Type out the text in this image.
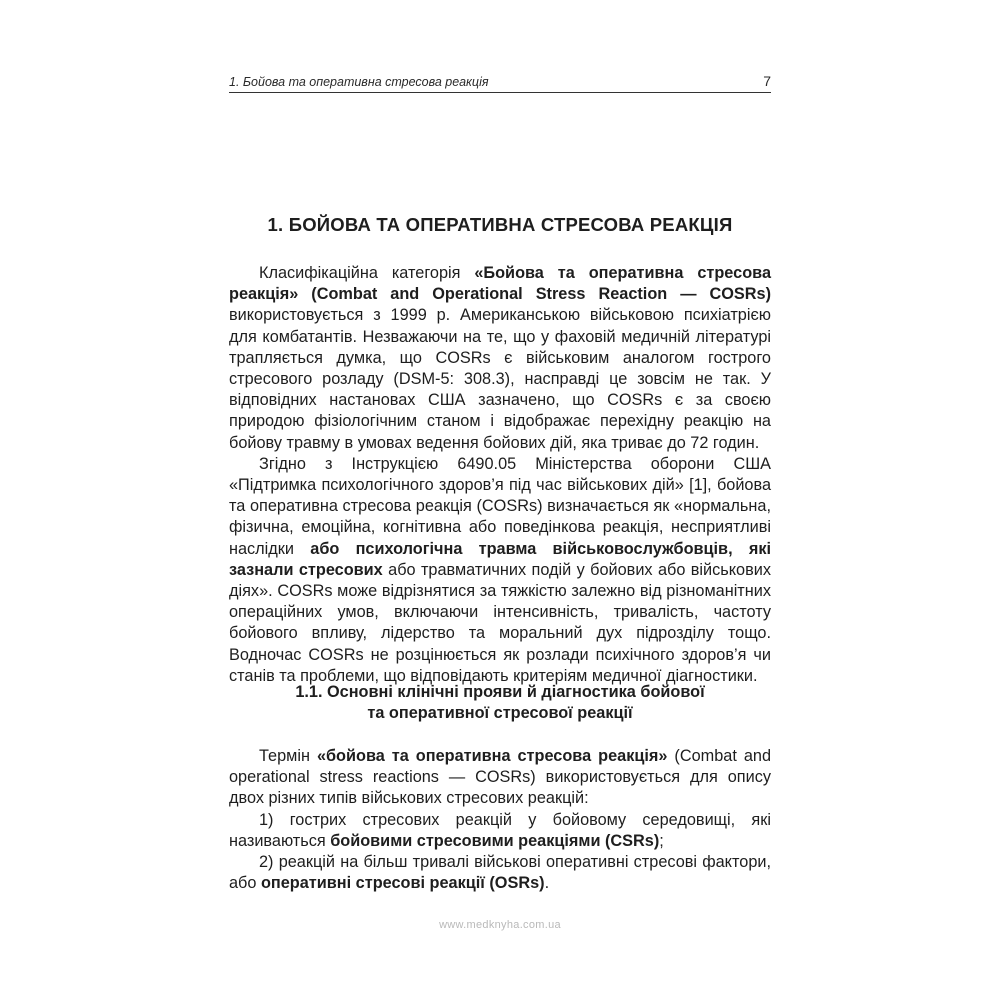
1. Бойова та оперативна стресова реакція	7
1. БОЙОВА ТА ОПЕРАТИВНА СТРЕСОВА РЕАКЦІЯ

Класифікаційна категорія «Бойова та оперативна стресова реакція» (Combat and Operational Stress Reaction — COSRs) використовується з 1999 р. Американською військовою психіатрією для комбатантів. Незважаючи на те, що у фаховій медичній літературі трапляється думка, що COSRs є військовим аналогом гострого стресового розладу (DSM-5: 308.3), насправді це зовсім не так. У відповідних настановах США зазначено, що COSRs є за своєю природою фізіологічним станом і відображає перехідну реакцію на бойову травму в умовах ведення бойових дій, яка триває до 72 годин.

Згідно з Інструкцією 6490.05 Міністерства оборони США «Підтримка психологічного здоров’я під час військових дій» [1], бойова та оперативна стресова реакція (COSRs) визначається як «нормальна, фізична, емоційна, когнітивна або поведінкова реакція, несприятливі наслідки або психологічна травма військовослужбовців, які зазнали стресових або травматичних подій у бойових або військових діях». COSRs може відрізнятися за тяжкістю залежно від різноманітних операційних умов, включаючи інтенсивність, тривалість, частоту бойового впливу, лідерство та моральний дух підрозділу тощо. Водночас COSRs не розцінюється як розлади психічного здоров’я чи станів та проблеми, що відповідають критеріям медичної діагностики.

1.1. Основні клінічні прояви й діагностика бойової
та оперативної стресової реакції

Термін «бойова та оперативна стресова реакція» (Combat and operational stress reactions — COSRs) використовується для опису двох різних типів військових стресових реакцій:

1) гострих стресових реакцій у бойовому середовищі, які називаються бойовими стресовими реакціями (CSRs);

2) реакцій на більш тривалі військові оперативні стресові фактори, або оперативні стресові реакції (OSRs).

www.medknyha.com.ua
